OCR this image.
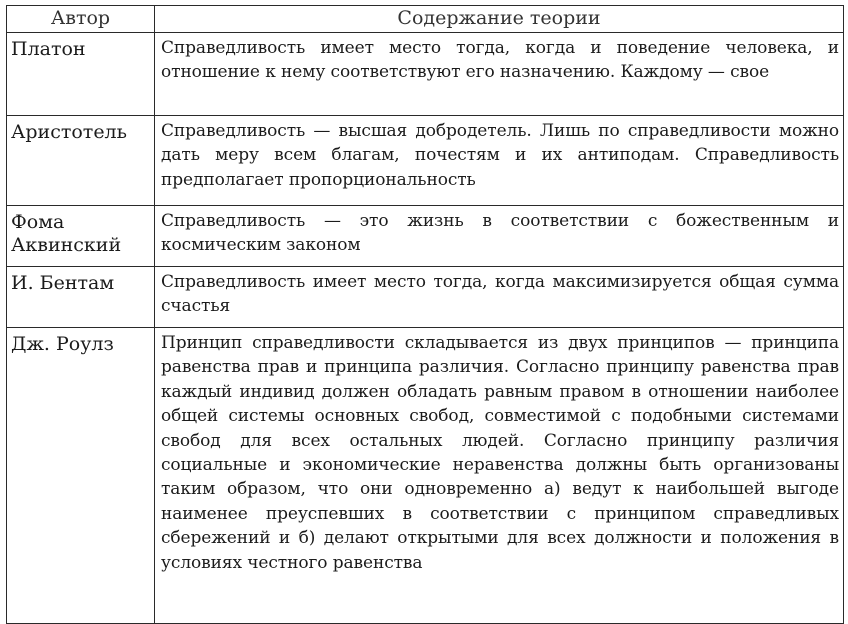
Автор	Содержание теории
Платон	Справедливость имеет место тогда, когда и поведение человека, и отношение к нему соответствуют его назначению. Каждому — свое
Аристотель	Справедливость — высшая добродетель. Лишь по справедливости можно дать меру всем благам, почестям и их антиподам. Справедливость предполагает пропорциональность
Фома Аквинский	Справедливость — это жизнь в соответствии с божественным и космическим законом
И. Бентам	Справедливость имеет место тогда, когда максимизируется общая сумма счастья
Дж. Роулз	Принцип справедливости складывается из двух принципов — принципа равенства прав и принципа различия. Согласно принципу равенства прав каждый индивид должен обладать равным правом в отношении наиболее общей системы основных свобод, совместимой с подобными системами свобод для всех остальных людей. Согласно принципу различия социальные и экономические неравенства должны быть организованы таким образом, что они одновременно а) ведут к наибольшей выгоде наименее преуспевших в соответствии с принципом справедливых сбережений и б) делают открытыми для всех должности и положения в условиях честного равенства
